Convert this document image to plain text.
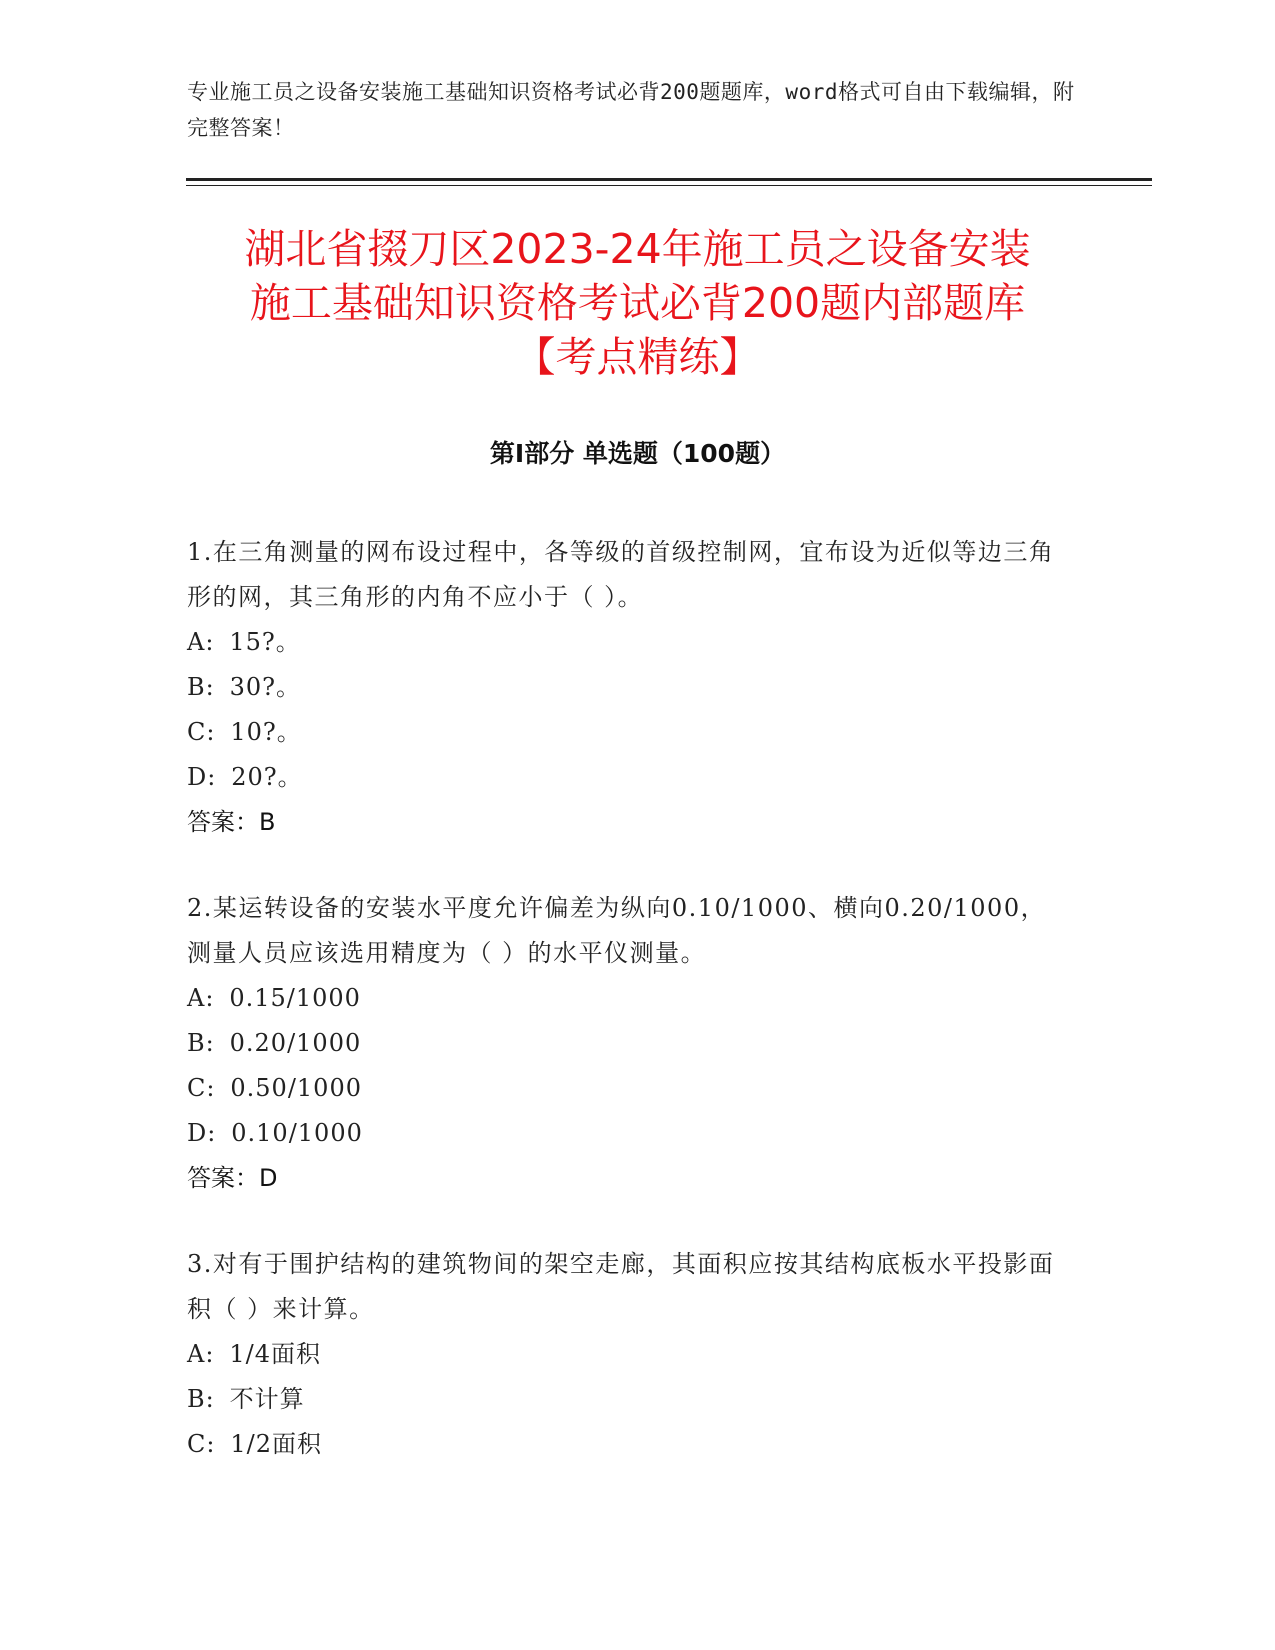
专业施工员之设备安装施工基础知识资格考试必背200题题库，word格式可自由下载编辑，附完整答案！

湖北省掇刀区2023-24年施工员之设备安装
施工基础知识资格考试必背200题内部题库
【考点精练】
第I部分 单选题（100题）

1.在三角测量的网布设过程中，各等级的首级控制网，宜布设为近似等边三角形的网，其三角形的内角不应小于（ ）。

A : 15?。
B : 30?。
C : 10?。
D : 20?。

答案：B

2.某运转设备的安装水平度允许偏差为纵向0.10/1000、横向0.20/1000，测量人员应该选用精度为（ ）的水平仪测量。

A : 0.15/1000
B : 0.20/1000
C : 0.50/1000
D : 0.10/1000

答案：D

3.对有于围护结构的建筑物间的架空走廊，其面积应按其结构底板水平投影面积（ ）来计算。

A : 1/4面积
B : 不计算
C : 1/2面积
